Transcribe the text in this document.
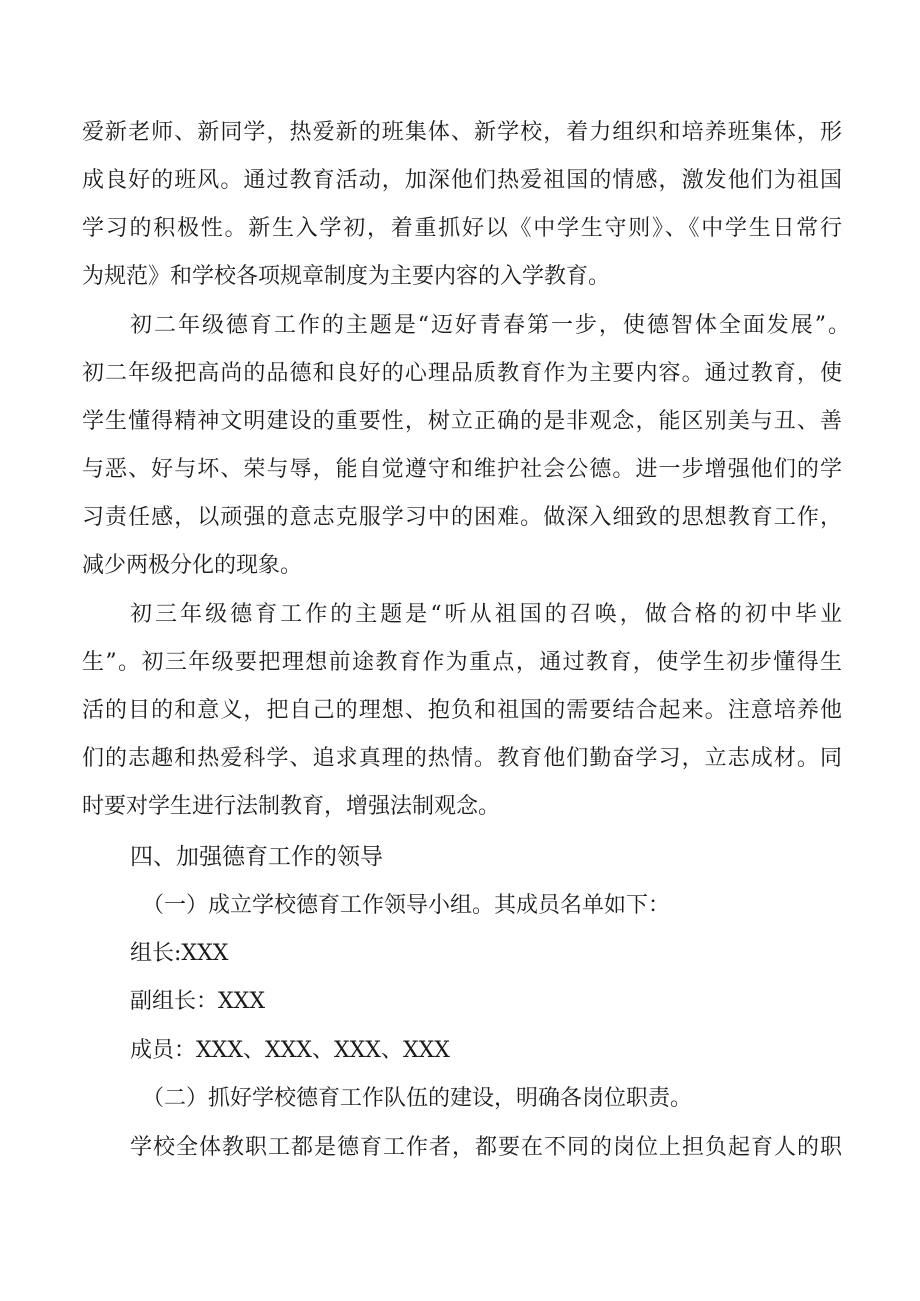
爱新老师、新同学，热爱新的班集体、新学校，着力组织和培养班集体，形
成良好的班风。通过教育活动，加深他们热爱祖国的情感，激发他们为祖国
学习的积极性。新生入学初，着重抓好以《中学生守则》、《中学生日常行
为规范》和学校各项规章制度为主要内容的入学教育。
初二年级德育工作的主题是“迈好青春第一步，使德智体全面发展”。
初二年级把高尚的品德和良好的心理品质教育作为主要内容。通过教育，使
学生懂得精神文明建设的重要性，树立正确的是非观念，能区别美与丑、善
与恶、好与坏、荣与辱，能自觉遵守和维护社会公德。进一步增强他们的学
习责任感，以顽强的意志克服学习中的困难。做深入细致的思想教育工作，
减少两极分化的现象。
初三年级德育工作的主题是“听从祖国的召唤，做合格的初中毕业
生”。初三年级要把理想前途教育作为重点，通过教育，使学生初步懂得生
活的目的和意义，把自己的理想、抱负和祖国的需要结合起来。注意培养他
们的志趣和热爱科学、追求真理的热情。教育他们勤奋学习，立志成材。同
时要对学生进行法制教育，增强法制观念。
四、加强德育工作的领导
（一）成立学校德育工作领导小组。其成员名单如下：
组长:XXX
副组长：XXX
成员：XXX、XXX、XXX、XXX
（二）抓好学校德育工作队伍的建设，明确各岗位职责。
学校全体教职工都是德育工作者，都要在不同的岗位上担负起育人的职
